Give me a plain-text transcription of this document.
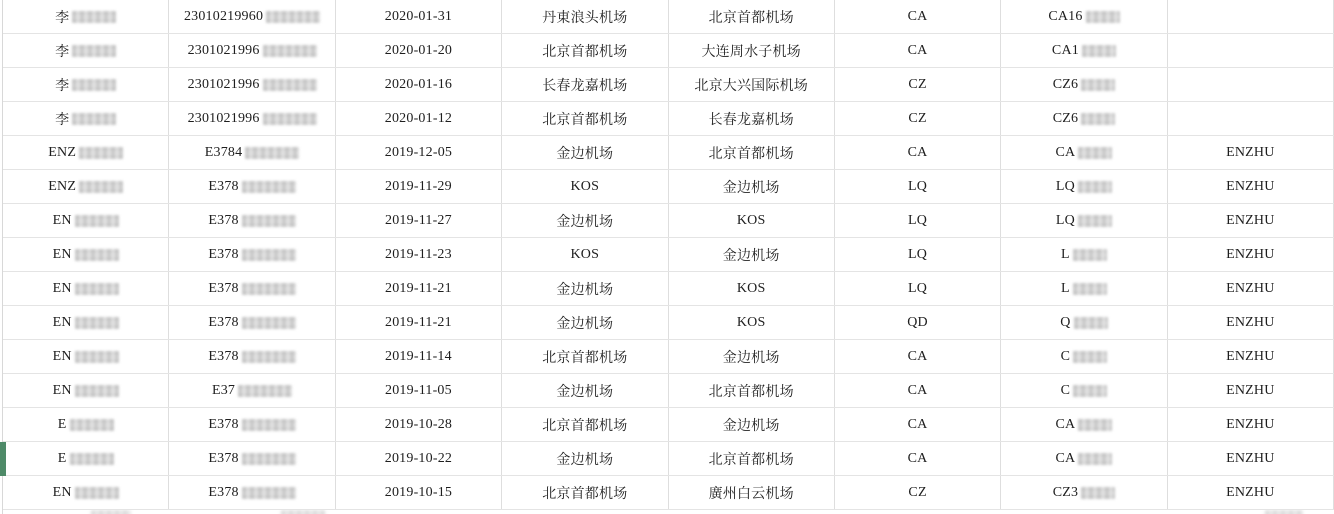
李	23010219960	2020-01-31	丹東浪头机场	北京首都机场	CA	CA16
李	2301021996	2020-01-20	北京首都机场	大连周水子机场	CA	CA1
李	2301021996	2020-01-16	长春龙嘉机场	北京大兴国际机场	CZ	CZ6
李	2301021996	2020-01-12	北京首都机场	长春龙嘉机场	CZ	CZ6
ENZ	E3784	2019-12-05	金边机场	北京首都机场	CA	CA	ENZHU
ENZ	E378	2019-11-29	KOS	金边机场	LQ	LQ	ENZHU
EN	E378	2019-11-27	金边机场	KOS	LQ	LQ	ENZHU
EN	E378	2019-11-23	KOS	金边机场	LQ	L	ENZHU
EN	E378	2019-11-21	金边机场	KOS	LQ	L	ENZHU
EN	E378	2019-11-21	金边机场	KOS	QD	Q	ENZHU
EN	E378	2019-11-14	北京首都机场	金边机场	CA	C	ENZHU
EN	E37	2019-11-05	金边机场	北京首都机场	CA	C	ENZHU
E	E378	2019-10-28	北京首都机场	金边机场	CA	CA	ENZHU
E	E378	2019-10-22	金边机场	北京首都机场	CA	CA	ENZHU
EN	E378	2019-10-15	北京首都机场	廣州白云机场	CZ	CZ3	ENZHU
